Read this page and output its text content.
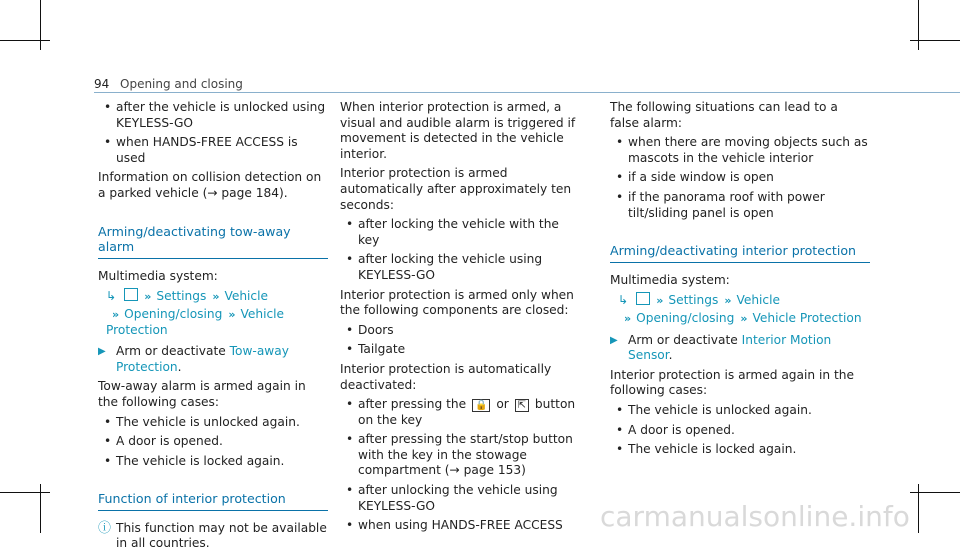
94 Opening and closing
• after the vehicle is unlocked using KEYLESS-GO
• when HANDS-FREE ACCESS is used

Information on collision detection on a parked vehicle (→ page 184).

Arming/deactivating tow-away alarm

Multimedia system:

↳	» Settings » Vehicle
» Opening/closing » Vehicle Protection
▶ Arm or deactivate Tow-away Protection.

Tow-away alarm is armed again in the following cases:

• The vehicle is unlocked again.
• A door is opened.
• The vehicle is locked again.
Function of interior protection
ⓘ This function may not be available in all countries.

When interior protection is armed, a visual and audible alarm is triggered if movement is detected in the vehicle interior.

Interior protection is armed automatically after approximately ten seconds:

• after locking the vehicle with the key
• after locking the vehicle using KEYLESS-GO

Interior protection is armed only when the following components are closed:

• Doors
• Tailgate

Interior protection is automatically deactivated:

• after pressing the 🔒 or ⇱ button on the key
• after pressing the start/stop button with the key in the stowage compartment (→ page 153)
• after unlocking the vehicle using KEYLESS-GO
• when using HANDS-FREE ACCESS

The following situations can lead to a false alarm:

• when there are moving objects such as mascots in the vehicle interior
• if a side window is open
• if the panorama roof with power tilt/sliding panel is open
Arming/deactivating interior protection

Multimedia system:

↳	» Settings » Vehicle
» Opening/closing » Vehicle Protection
▶ Arm or deactivate Interior Motion Sensor.

Interior protection is armed again in the following cases:

• The vehicle is unlocked again.
• A door is opened.
• The vehicle is locked again.
carmanualsonline.info
